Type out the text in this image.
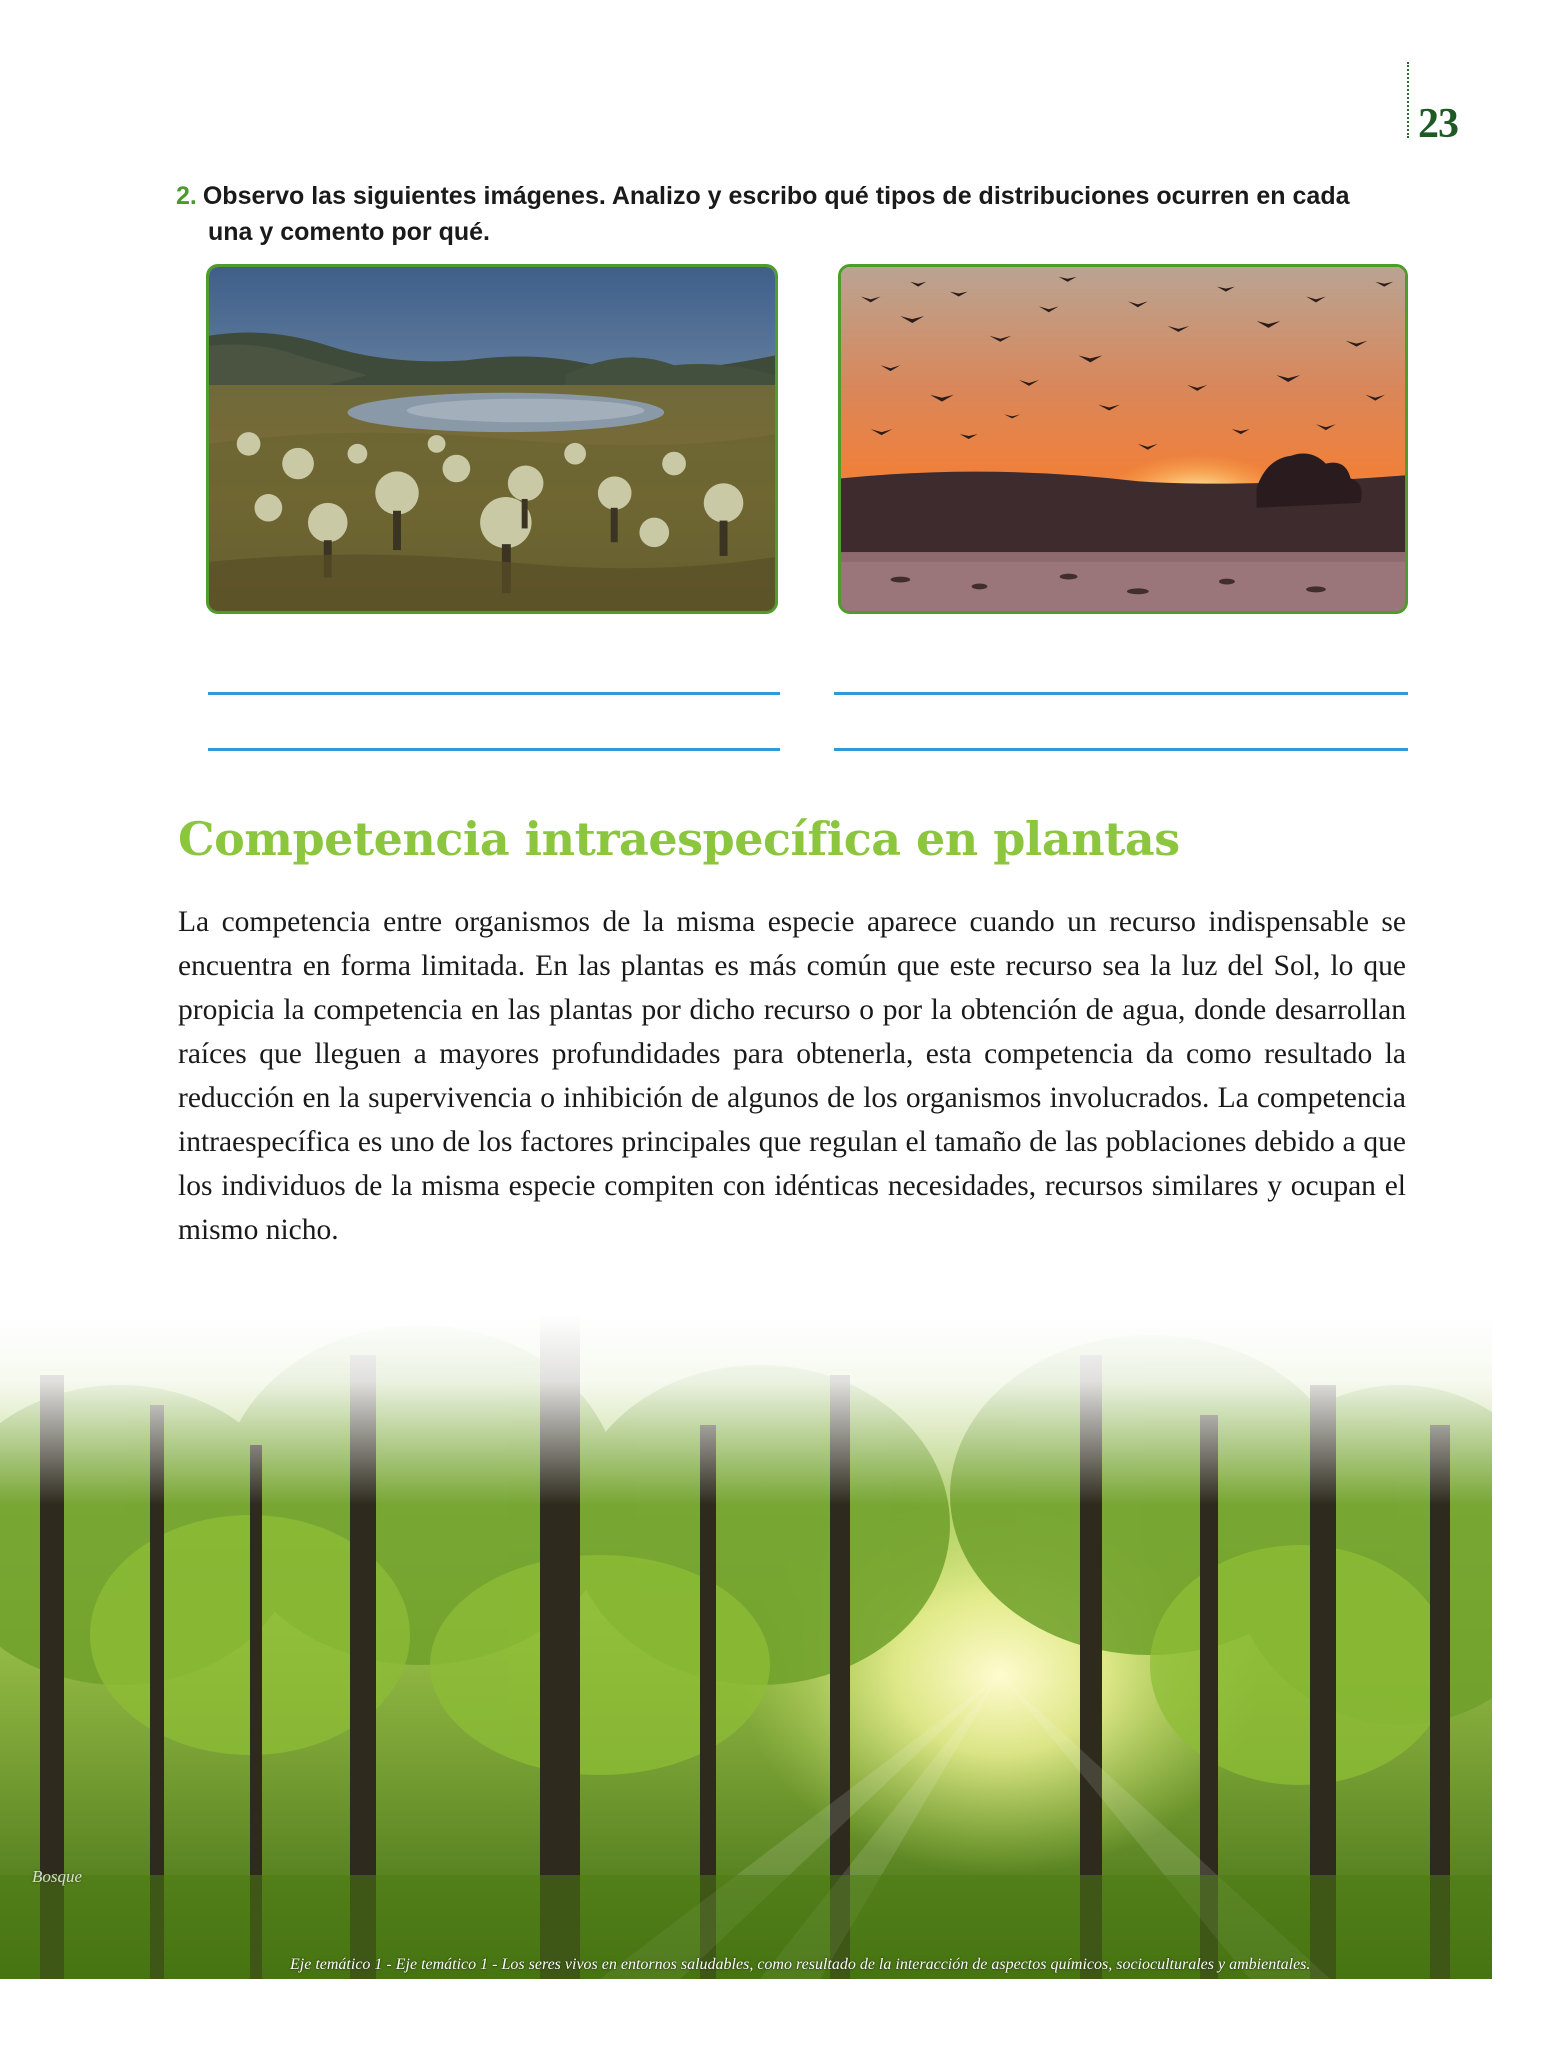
23
2. Observo las siguientes imágenes. Analizo y escribo qué tipos de distribuciones ocurren en cada
una y comento por qué.
Competencia intraespecífica en plantas

La competencia entre organismos de la misma especie aparece cuando un recurso indispensable se encuentra en forma limitada. En las plantas es más común que este recurso sea la luz del Sol, lo que propicia la competencia en las plantas por dicho recurso o por la obtención de agua, donde desarrollan raíces que lleguen a mayores profundidades para obtenerla, esta competencia da como resultado la reducción en la supervivencia o inhibición de algunos de los organismos involucrados. La competencia intraespecífica es uno de los factores principales que regulan el tamaño de las poblaciones debido a que los individuos de la misma especie compiten con idénticas necesidades, recursos similares y ocupan el mismo nicho.

Bosque
Eje temático 1 - Eje temático 1 - Los seres vivos en entornos saludables, como resultado de la interacción de aspectos químicos, socioculturales y ambientales.
